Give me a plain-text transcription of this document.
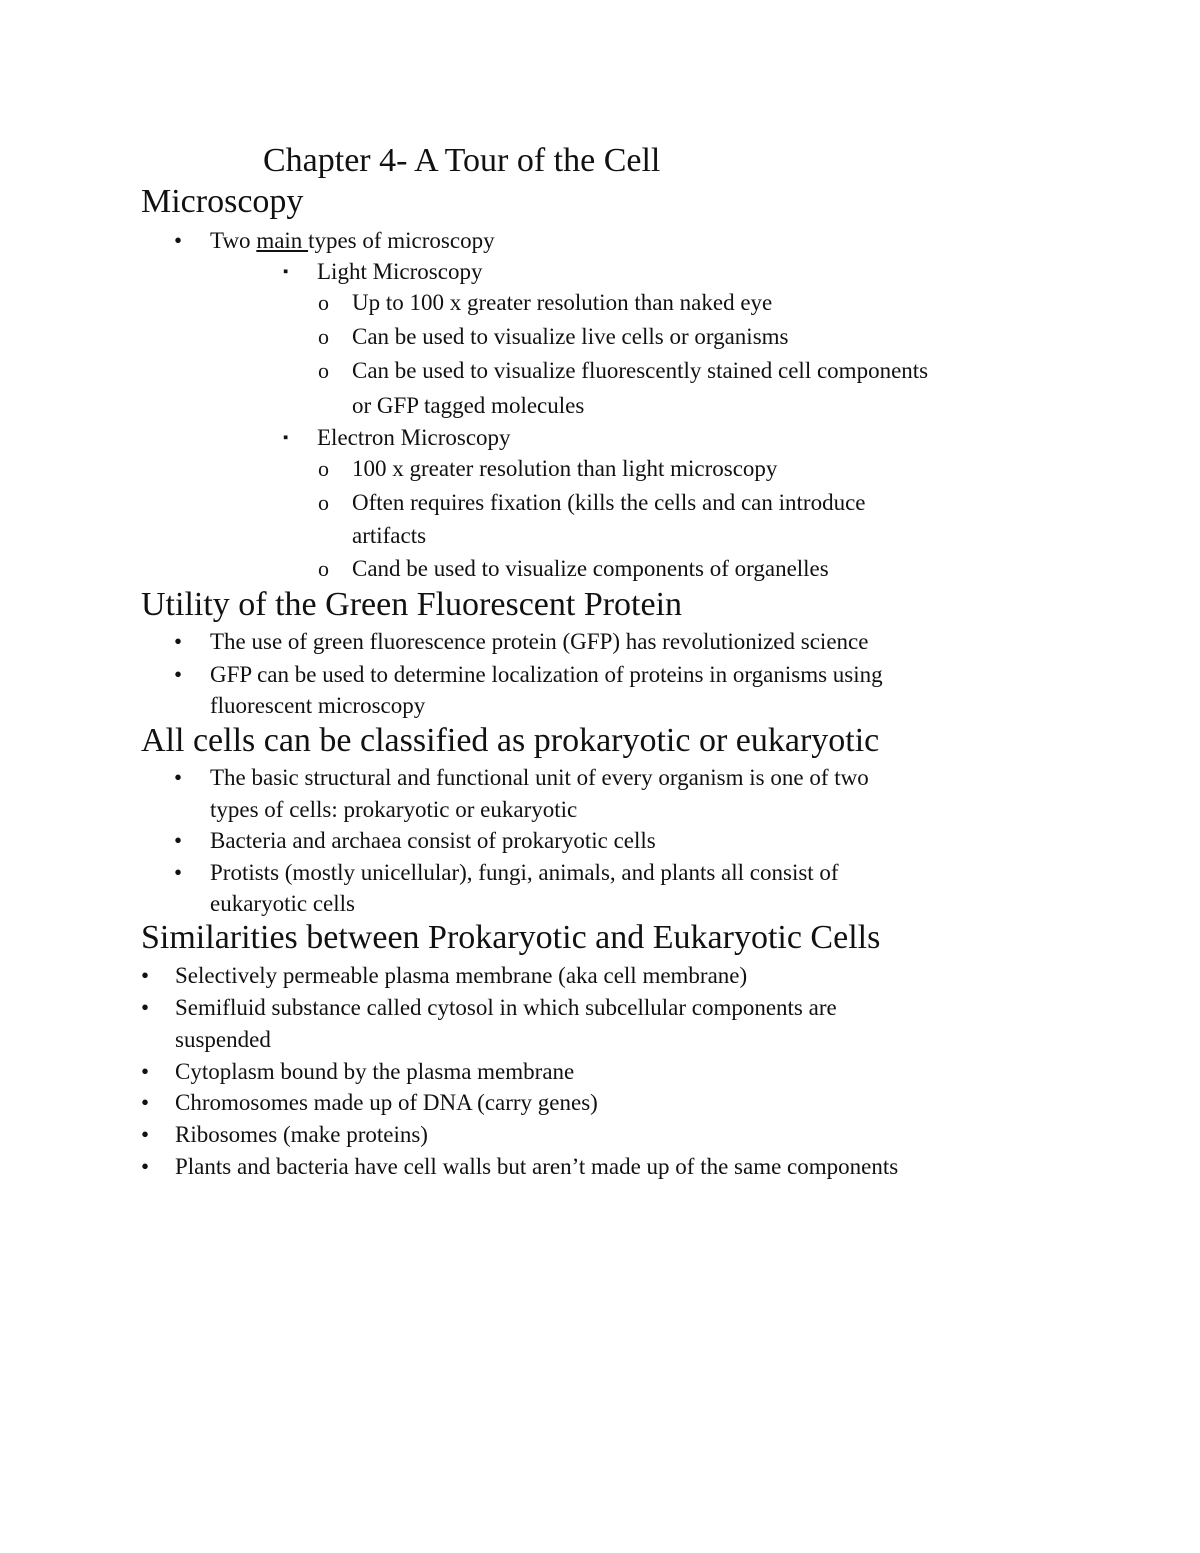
Chapter 4- A Tour of the Cell
Microscopy
• Two main types of microscopy
▪ Light Microscopy
o Up to 100 x greater resolution than naked eye
o Can be used to visualize live cells or organisms
o Can be used to visualize fluorescently stained cell components
or GFP tagged molecules
▪ Electron Microscopy
o 100 x greater resolution than light microscopy
o Often requires fixation (kills the cells and can introduce
artifacts
o Cand be used to visualize components of organelles
Utility of the Green Fluorescent Protein
• The use of green fluorescence protein (GFP) has revolutionized science
• GFP can be used to determine localization of proteins in organisms using
fluorescent microscopy
All cells can be classified as prokaryotic or eukaryotic
• The basic structural and functional unit of every organism is one of two
types of cells: prokaryotic or eukaryotic
• Bacteria and archaea consist of prokaryotic cells
• Protists (mostly unicellular), fungi, animals, and plants all consist of
eukaryotic cells
Similarities between Prokaryotic and Eukaryotic Cells
• Selectively permeable plasma membrane (aka cell membrane)
• Semifluid substance called cytosol in which subcellular components are
suspended
• Cytoplasm bound by the plasma membrane
• Chromosomes made up of DNA (carry genes)
• Ribosomes (make proteins)
• Plants and bacteria have cell walls but aren’t made up of the same components
